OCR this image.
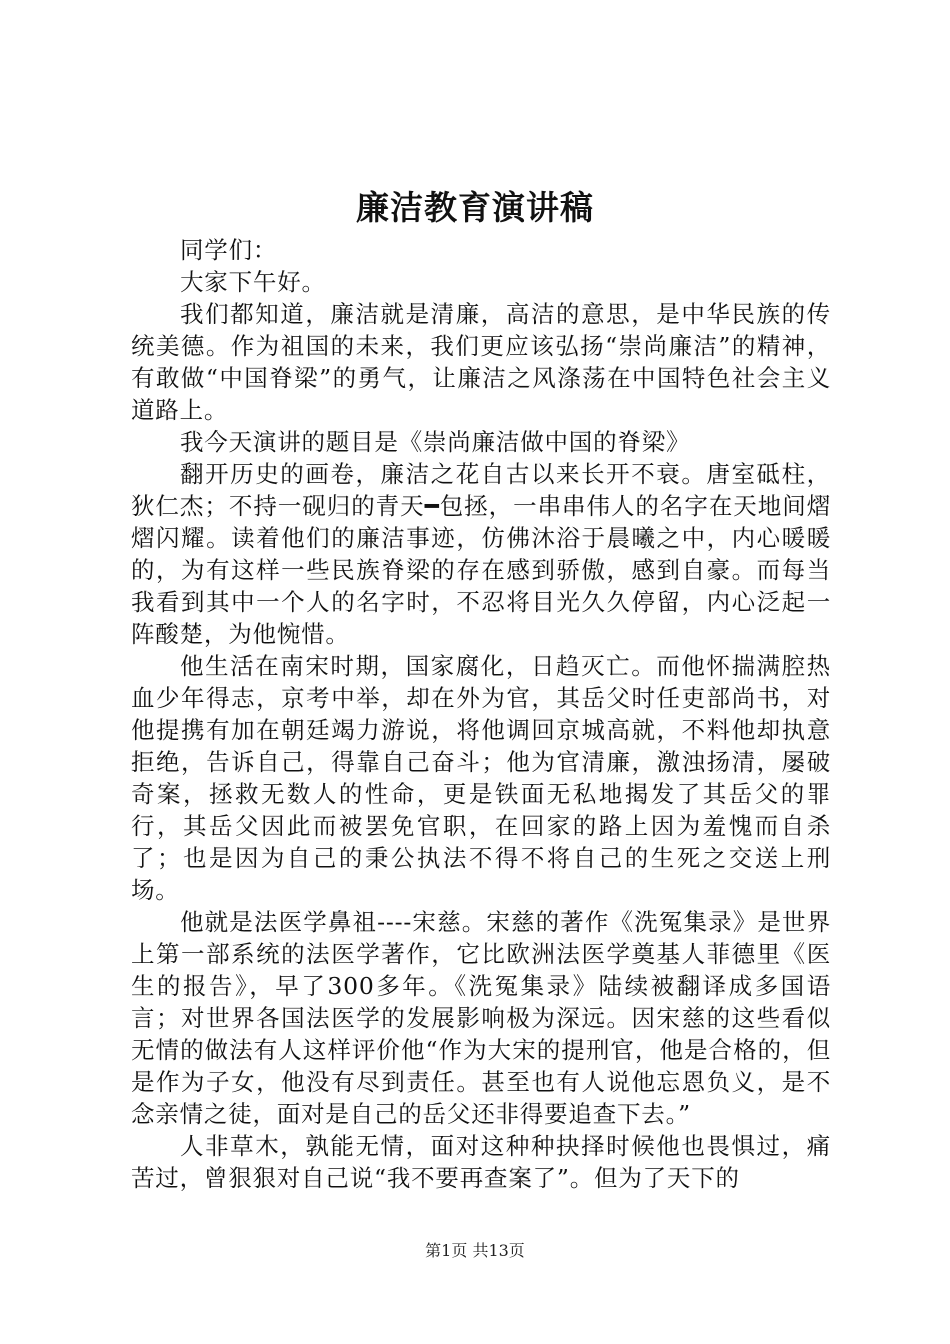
廉洁教育演讲稿

同学们：

大家下午好。

我们都知道，廉洁就是清廉，高洁的意思，是中华民族的传统美德。作为祖国的未来，我们更应该弘扬“崇尚廉洁”的精神，有敢做“中国脊梁”的勇气，让廉洁之风涤荡在中国特色社会主义道路上。

我今天演讲的题目是《崇尚廉洁做中国的脊梁》

翻开历史的画卷，廉洁之花自古以来长开不衰。唐室砥柱，狄仁杰；不持一砚归的青天━包拯，一串串伟人的名字在天地间熠熠闪耀。读着他们的廉洁事迹，仿佛沐浴于晨曦之中，内心暖暖的，为有这样一些民族脊梁的存在感到骄傲，感到自豪。而每当我看到其中一个人的名字时，不忍将目光久久停留，内心泛起一阵酸楚，为他惋惜。

他生活在南宋时期，国家腐化，日趋灭亡。而他怀揣满腔热血少年得志，京考中举，却在外为官，其岳父时任吏部尚书，对他提携有加在朝廷竭力游说，将他调回京城高就，不料他却执意拒绝，告诉自己，得靠自己奋斗；他为官清廉，激浊扬清，屡破奇案，拯救无数人的性命，更是铁面无私地揭发了其岳父的罪行，其岳父因此而被罢免官职，在回家的路上因为羞愧而自杀了；也是因为自己的秉公执法不得不将自己的生死之交送上刑场。

他就是法医学鼻祖----宋慈。宋慈的著作《洗冤集录》是世界上第一部系统的法医学著作，它比欧洲法医学奠基人菲德里《医生的报告》，早了300多年。《洗冤集录》陆续被翻译成多国语言；对世界各国法医学的发展影响极为深远。因宋慈的这些看似无情的做法有人这样评价他“作为大宋的提刑官，他是合格的，但是作为子女，他没有尽到责任。甚至也有人说他忘恩负义，是不念亲情之徒，面对是自己的岳父还非得要追查下去。”

人非草木，孰能无情，面对这种种抉择时候他也畏惧过，痛苦过，曾狠狠对自己说“我不要再查案了”。但为了天下的

第1页 共13页
